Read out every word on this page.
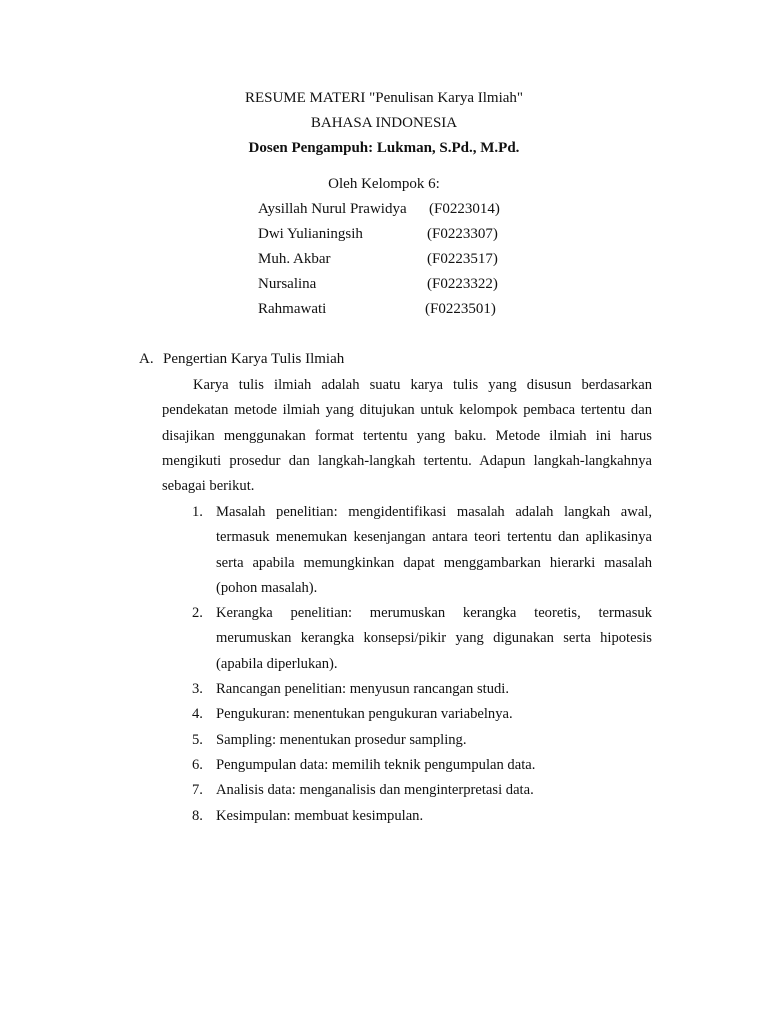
RESUME MATERI "Penulisan Karya Ilmiah"
BAHASA INDONESIA
Dosen Pengampuh: Lukman, S.Pd., M.Pd.
Oleh Kelompok 6:
Aysillah Nurul Prawidya (F0223014)
Dwi Yulianingsih	(F0223307)
Muh. Akbar	(F0223517)
Nursalina	(F0223322)
Rahmawati	(F0223501)
A. Pengertian Karya Tulis Ilmiah
Karya tulis ilmiah adalah suatu karya tulis yang disusun berdasarkan pendekatan metode ilmiah yang ditujukan untuk kelompok pembaca tertentu dan disajikan menggunakan format tertentu yang baku. Metode ilmiah ini harus mengikuti prosedur dan langkah-langkah tertentu. Adapun langkah-langkahnya sebagai berikut.
1. Masalah penelitian: mengidentifikasi masalah adalah langkah awal, termasuk menemukan kesenjangan antara teori tertentu dan aplikasinya serta apabila memungkinkan dapat menggambarkan hierarki masalah (pohon masalah).
2. Kerangka penelitian: merumuskan kerangka teoretis, termasuk merumuskan kerangka konsepsi/pikir yang digunakan serta hipotesis (apabila diperlukan).
3. Rancangan penelitian: menyusun rancangan studi.
4. Pengukuran: menentukan pengukuran variabelnya.
5. Sampling: menentukan prosedur sampling.
6. Pengumpulan data: memilih teknik pengumpulan data.
7. Analisis data: menganalisis dan menginterpretasi data.
8. Kesimpulan: membuat kesimpulan.
